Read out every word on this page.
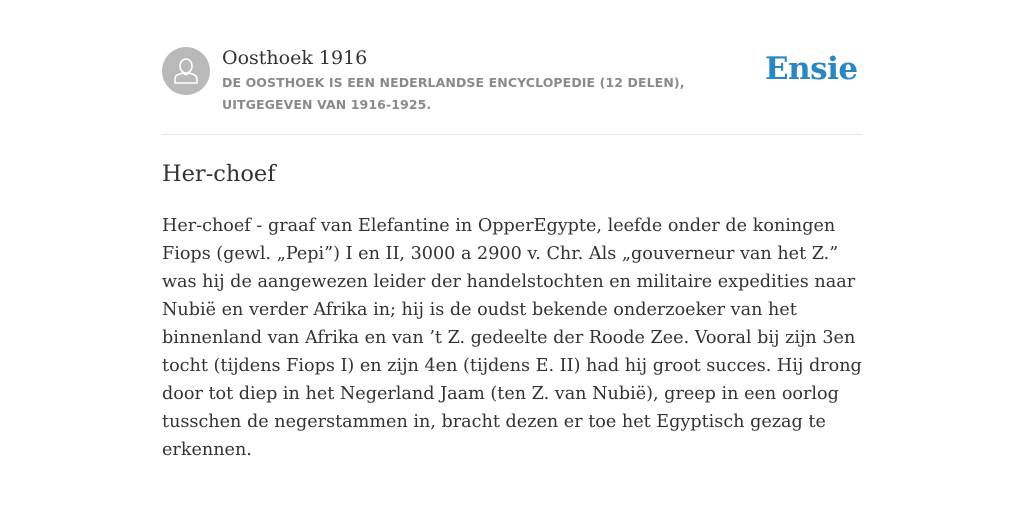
Oosthoek 1916

DE OOSTHOEK IS EEN NEDERLANDSE ENCYCLOPEDIE (12 DELEN), UITGEGEVEN VAN 1916-1925.

Ensie
Her-choef

Her-choef - graaf van Elefantine in OpperEgypte, leefde onder de koningen Fiops (gewl. „Pepi”) I en II, 3000 a 2900 v. Chr. Als „gouverneur van het Z.” was hij de aangewezen leider der handelstochten en militaire expedities naar Nubië en verder Afrika in; hij is de oudst bekende onderzoeker van het binnenland van Afrika en van ’t Z. gedeelte der Roode Zee. Vooral bij zijn 3en tocht (tijdens Fiops I) en zijn 4en (tijdens E. II) had hij groot succes. Hij drong door tot diep in het Negerland Jaam (ten Z. van Nubië), greep in een oorlog tusschen de negerstammen in, bracht dezen er toe het Egyptisch gezag te erkennen.
